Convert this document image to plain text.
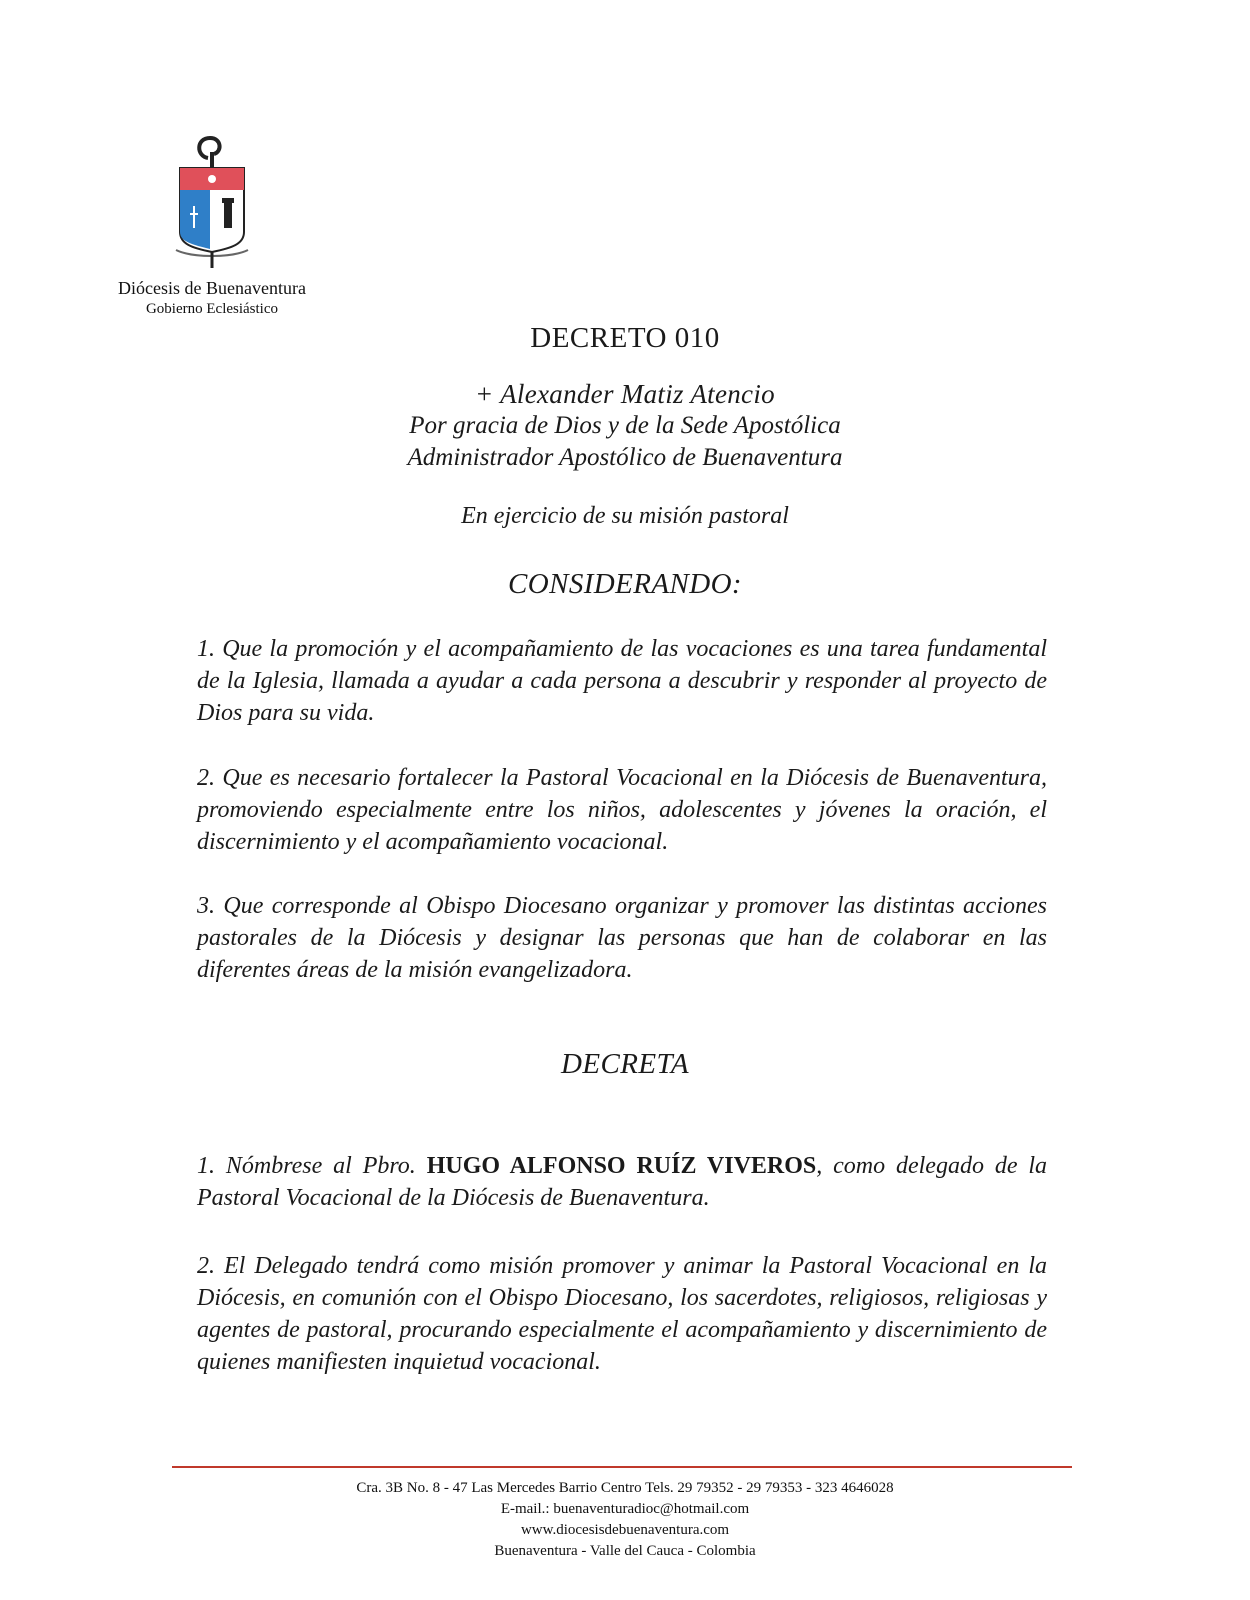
Diócesis de Buenaventura
Gobierno Eclesiástico
DECRETO 010
+ Alexander Matiz Atencio
Por gracia de Dios y de la Sede Apostólica
Administrador Apostólico de Buenaventura
En ejercicio de su misión pastoral
CONSIDERANDO:
1. Que la promoción y el acompañamiento de las vocaciones es una tarea fundamental de la Iglesia, llamada a ayudar a cada persona a descubrir y responder al proyecto de Dios para su vida.
2. Que es necesario fortalecer la Pastoral Vocacional en la Diócesis de Buenaventura, promoviendo especialmente entre los niños, adolescentes y jóvenes la oración, el discernimiento y el acompañamiento vocacional.
3. Que corresponde al Obispo Diocesano organizar y promover las distintas acciones pastorales de la Diócesis y designar las personas que han de colaborar en las diferentes áreas de la misión evangelizadora.
DECRETA
1. Nómbrese al Pbro. HUGO ALFONSO RUÍZ VIVEROS, como delegado de la Pastoral Vocacional de la Diócesis de Buenaventura.
2. El Delegado tendrá como misión promover y animar la Pastoral Vocacional en la Diócesis, en comunión con el Obispo Diocesano, los sacerdotes, religiosos, religiosas y agentes de pastoral, procurando especialmente el acompañamiento y discernimiento de quienes manifiesten inquietud vocacional.
Cra. 3B No. 8 - 47 Las Mercedes Barrio Centro Tels. 29 79352 - 29 79353 - 323 4646028
E-mail.: buenaventuradioc@hotmail.com
www.diocesisdebuenaventura.com
Buenaventura - Valle del Cauca - Colombia
